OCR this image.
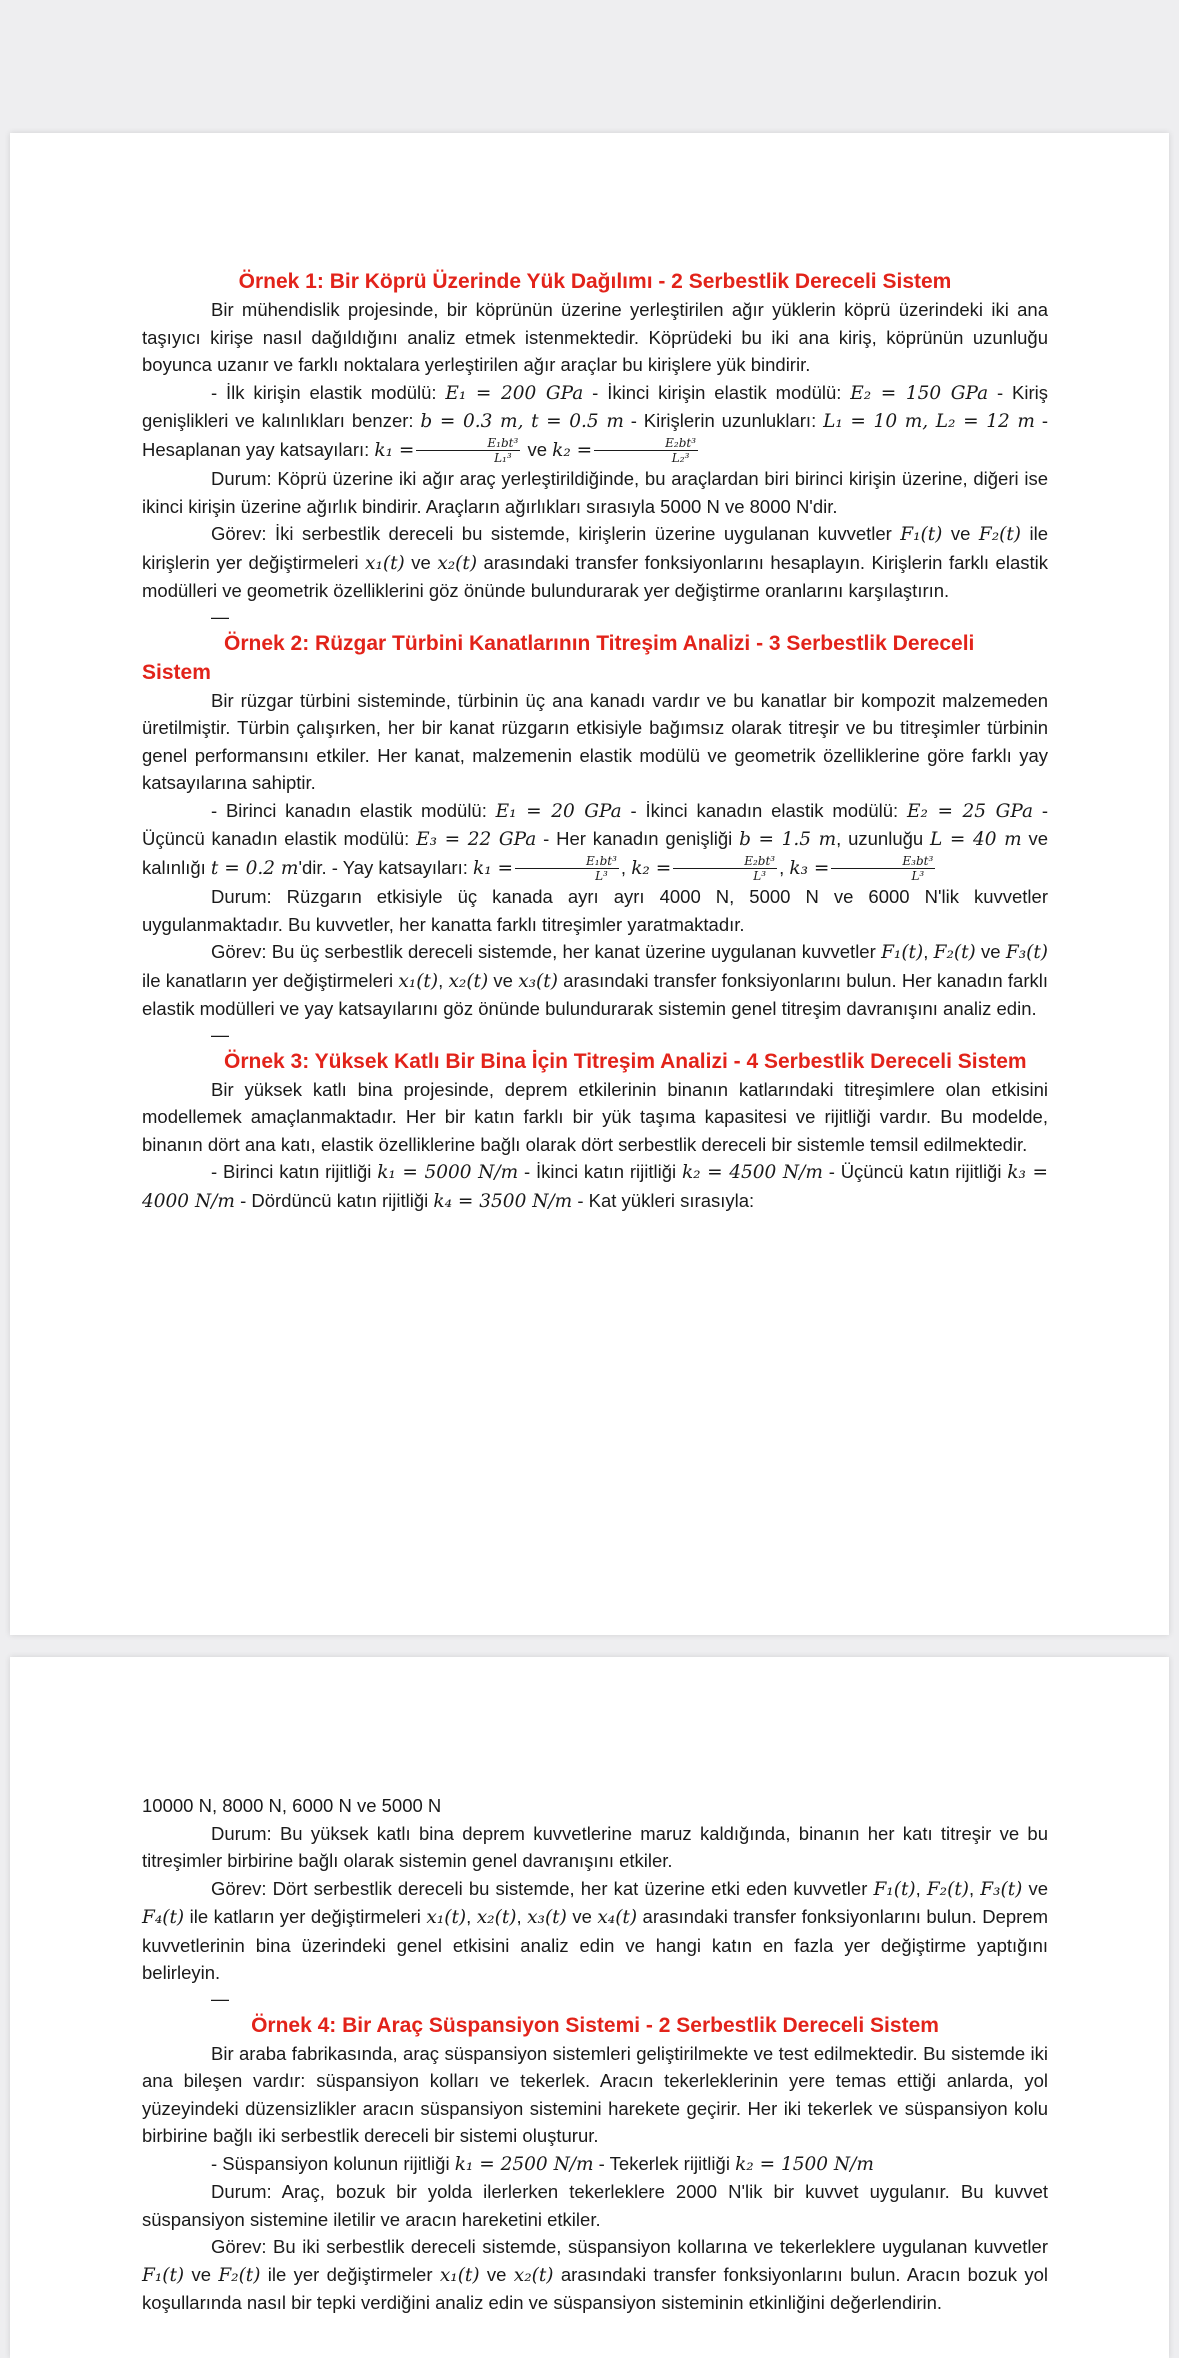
Örnek 1: Bir Köprü Üzerinde Yük Dağılımı - 2 Serbestlik Dereceli Sistem

Bir mühendislik projesinde, bir köprünün üzerine yerleştirilen ağır yüklerin köprü üzerindeki iki ana taşıyıcı kirişe nasıl dağıldığını analiz etmek istenmektedir. Köprüdeki bu iki ana kiriş, köprünün uzunluğu boyunca uzanır ve farklı noktalara yerleştirilen ağır araçlar bu kirişlere yük bindirir.

- İlk kirişin elastik modülü: E₁ = 200 GPa - İkinci kirişin elastik modülü: E₂ = 150 GPa - Kiriş genişlikleri ve kalınlıkları benzer: b = 0.3 m, t = 0.5 m - Kirişlerin uzunlukları: L₁ = 10 m, L₂ = 12 m - Hesaplanan yay katsayıları: $k_1 = \frac{\text{E₁bt³}}{\text{L₁³}}$ ve $k_2 = \frac{\text{E₂bt³}}{\text{L₂³}}$

Durum: Köprü üzerine iki ağır araç yerleştirildiğinde, bu araçlardan biri birinci kirişin üzerine, diğeri ise ikinci kirişin üzerine ağırlık bindirir. Araçların ağırlıkları sırasıyla 5000 N ve 8000 N'dir.

Görev: İki serbestlik dereceli bu sistemde, kirişlerin üzerine uygulanan kuvvetler F₁(t) ve F₂(t) ile kirişlerin yer değiştirmeleri x₁(t) ve x₂(t) arasındaki transfer fonksiyonlarını hesaplayın. Kirişlerin farklı elastik modülleri ve geometrik özelliklerini göz önünde bulundurarak yer değiştirme oranlarını karşılaştırın.

—
Örnek 2: Rüzgar Türbini Kanatlarının Titreşim Analizi - 3 Serbestlik Dereceli Sistem

Bir rüzgar türbini sisteminde, türbinin üç ana kanadı vardır ve bu kanatlar bir kompozit malzemeden üretilmiştir. Türbin çalışırken, her bir kanat rüzgarın etkisiyle bağımsız olarak titreşir ve bu titreşimler türbinin genel performansını etkiler. Her kanat, malzemenin elastik modülü ve geometrik özelliklerine göre farklı yay katsayılarına sahiptir.

- Birinci kanadın elastik modülü: E₁ = 20 GPa - İkinci kanadın elastik modülü: E₂ = 25 GPa - Üçüncü kanadın elastik modülü: E₃ = 22 GPa - Her kanadın genişliği b = 1.5 m, uzunluğu L = 40 m ve kalınlığı t = 0.2 m'dir. - Yay katsayıları: $k_1 = \frac{\text{E₁bt³}}{\text{L³}}$ , $k_2 = \frac{\text{E₂bt³}}{\text{L³}}$ , $k_3 = \frac{\text{E₃bt³}}{\text{L³}}$

Durum: Rüzgarın etkisiyle üç kanada ayrı ayrı 4000 N, 5000 N ve 6000 N'lik kuvvetler uygulanmaktadır. Bu kuvvetler, her kanatta farklı titreşimler yaratmaktadır.

Görev: Bu üç serbestlik dereceli sistemde, her kanat üzerine uygulanan kuvvetler F₁(t), F₂(t) ve F₃(t) ile kanatların yer değiştirmeleri x₁(t), x₂(t) ve x₃(t) arasındaki transfer fonksiyonlarını bulun. Her kanadın farklı elastik modülleri ve yay katsayılarını göz önünde bulundurarak sistemin genel titreşim davranışını analiz edin.

—
Örnek 3: Yüksek Katlı Bir Bina İçin Titreşim Analizi - 4 Serbestlik Dereceli Sistem

Bir yüksek katlı bina projesinde, deprem etkilerinin binanın katlarındaki titreşimlere olan etkisini modellemek amaçlanmaktadır. Her bir katın farklı bir yük taşıma kapasitesi ve rijitliği vardır. Bu modelde, binanın dört ana katı, elastik özelliklerine bağlı olarak dört serbestlik dereceli bir sistemle temsil edilmektedir.

- Birinci katın rijitliği k₁ = 5000 N/m - İkinci katın rijitliği k₂ = 4500 N/m - Üçüncü katın rijitliği k₃ = 4000 N/m - Dördüncü katın rijitliği k₄ = 3500 N/m - Kat yükleri sırasıyla:

10000 N, 8000 N, 6000 N ve 5000 N

Durum: Bu yüksek katlı bina deprem kuvvetlerine maruz kaldığında, binanın her katı titreşir ve bu titreşimler birbirine bağlı olarak sistemin genel davranışını etkiler.

Görev: Dört serbestlik dereceli bu sistemde, her kat üzerine etki eden kuvvetler F₁(t), F₂(t), F₃(t) ve F₄(t) ile katların yer değiştirmeleri x₁(t), x₂(t), x₃(t) ve x₄(t) arasındaki transfer fonksiyonlarını bulun. Deprem kuvvetlerinin bina üzerindeki genel etkisini analiz edin ve hangi katın en fazla yer değiştirme yaptığını belirleyin.

—
Örnek 4: Bir Araç Süspansiyon Sistemi - 2 Serbestlik Dereceli Sistem

Bir araba fabrikasında, araç süspansiyon sistemleri geliştirilmekte ve test edilmektedir. Bu sistemde iki ana bileşen vardır: süspansiyon kolları ve tekerlek. Aracın tekerleklerinin yere temas ettiği anlarda, yol yüzeyindeki düzensizlikler aracın süspansiyon sistemini harekete geçirir. Her iki tekerlek ve süspansiyon kolu birbirine bağlı iki serbestlik dereceli bir sistemi oluşturur.

- Süspansiyon kolunun rijitliği k₁ = 2500 N/m - Tekerlek rijitliği k₂ = 1500 N/m

Durum: Araç, bozuk bir yolda ilerlerken tekerleklere 2000 N'lik bir kuvvet uygulanır. Bu kuvvet süspansiyon sistemine iletilir ve aracın hareketini etkiler.

Görev: Bu iki serbestlik dereceli sistemde, süspansiyon kollarına ve tekerleklere uygulanan kuvvetler F₁(t) ve F₂(t) ile yer değiştirmeler x₁(t) ve x₂(t) arasındaki transfer fonksiyonlarını bulun. Aracın bozuk yol koşullarında nasıl bir tepki verdiğini analiz edin ve süspansiyon sisteminin etkinliğini değerlendirin.
